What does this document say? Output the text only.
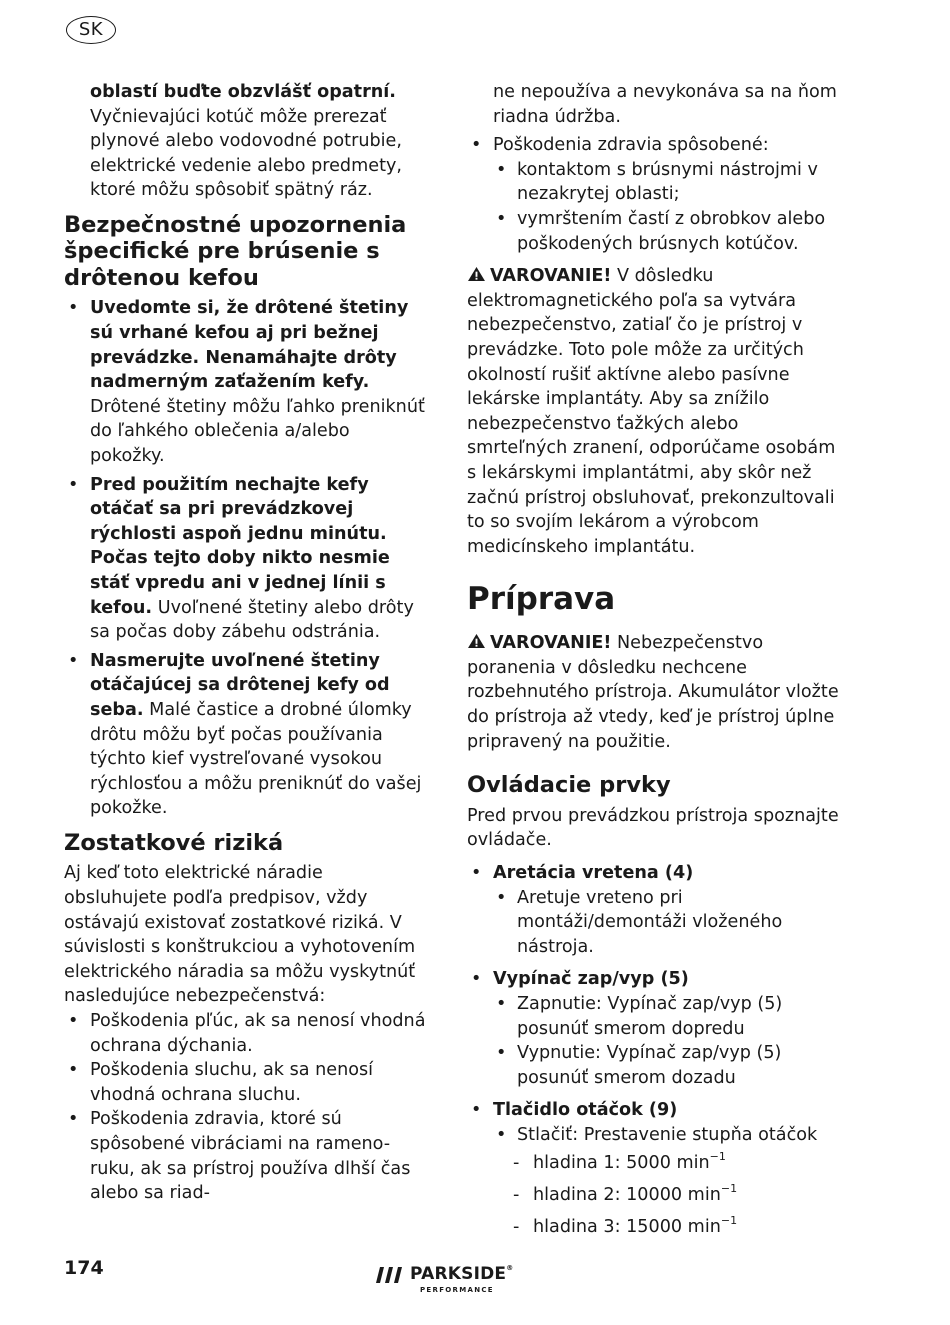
SK

oblastí buďte obzvlášť opatrní. Vyčnievajúci kotúč môže prerezať plynové alebo vodovodné potrubie, elektrické vedenie alebo predmety, ktoré môžu spôsobiť spätný ráz.

Bezpečnostné upozornenia špecifické pre brúsenie s drôtenou kefou
• Uvedomte si, že drôtené štetiny sú vrhané kefou aj pri bežnej prevádzke. Nenamáhajte drôty nadmerným zaťažením kefy. Drôtené štetiny môžu ľahko preniknúť do ľahkého oblečenia a/alebo pokožky.
• Pred použitím nechajte kefy otáčať sa pri prevádzkovej rýchlosti aspoň jednu minútu. Počas tejto doby nikto nesmie stáť vpredu ani v jednej línii s kefou. Uvoľnené štetiny alebo drôty sa počas doby zábehu odstránia.
• Nasmerujte uvoľnené štetiny otáčajúcej sa drôtenej kefy od seba. Malé častice a drobné úlomky drôtu môžu byť počas používania týchto kief vystreľované vysokou rýchlosťou a môžu preniknúť do vašej pokožke.
Zostatkové riziká

Aj keď toto elektrické náradie obsluhujete podľa predpisov, vždy ostávajú existovať zostatkové riziká. V súvislosti s konštrukciou a vyhotovením elektrického náradia sa môžu vyskytnúť nasledujúce nebezpečenstvá:

• Poškodenia pľúc, ak sa nenosí vhodná ochrana dýchania.
• Poškodenia sluchu, ak sa nenosí vhodná ochrana sluchu.
• Poškodenia zdravia, ktoré sú spôsobené vibráciami na rameno-ruku, ak sa prístroj používa dlhší čas alebo sa riad-

ne nepoužíva a nevykonáva sa na ňom riadna údržba.

• Poškodenia zdravia spôsobené:
• kontaktom s brúsnymi nástrojmi v nezakrytej oblasti;
• vymrštením častí z obrobkov alebo poškodených brúsnych kotúčov.

VAROVANIE! V dôsledku elektromagnetického poľa sa vytvára nebezpečenstvo, zatiaľ čo je prístroj v prevádzke. Toto pole môže za určitých okolností rušiť aktívne alebo pasívne lekárske implantáty. Aby sa znížilo nebezpečenstvo ťažkých alebo smrteľných zranení, odporúčame osobám s lekárskymi implantátmi, aby skôr než začnú prístroj obsluhovať, prekonzultovali to so svojím lekárom a výrobcom medicínskeho implantátu.

Príprava

VAROVANIE! Nebezpečenstvo poranenia v dôsledku nechcene rozbehnutého prístroja. Akumulátor vložte do prístroja až vtedy, keď je prístroj úplne pripravený na použitie.

Ovládacie prvky

Pred prvou prevádzkou prístroja spoznajte ovládače.

• Aretácia vretena (4)
• Aretuje vreteno pri montáži/demontáži vloženého nástroja.
• Vypínač zap/vyp (5)
• Zapnutie: Vypínač zap/vyp (5) posunúť smerom dopredu
• Vypnutie: Vypínač zap/vyp (5) posunúť smerom dozadu
• Tlačidlo otáčok (9)
• Stlačiť: Prestavenie stupňa otáčok
- hladina 1: 5000 $\min^{-1}$
- hladina 2: 10000 $\min^{-1}$
- hladina 3: 15000 $\min^{-1}$
174	PARKSIDE®
PERFORMANCE
